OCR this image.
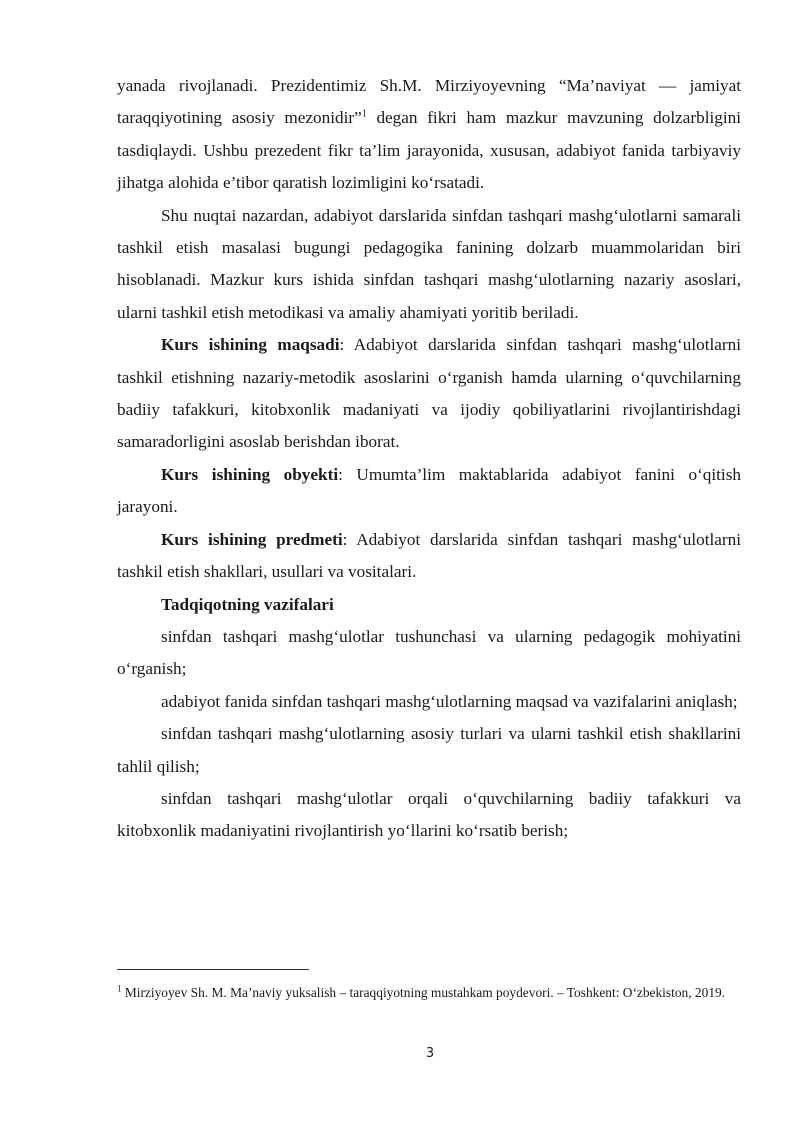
yanada rivojlanadi. Prezidentimiz Sh.M. Mirziyoyevning “Ma’naviyat — jamiyat taraqqiyotining asosiy mezonidir”$^1$ degan fikri ham mazkur mavzuning dolzarbligini tasdiqlaydi. Ushbu prezedent fikr ta’lim jarayonida, xususan, adabiyot fanida tarbiyaviy jihatga alohida e’tibor qaratish lozimligini ko‘rsatadi.

Shu nuqtai nazardan, adabiyot darslarida sinfdan tashqari mashg‘ulotlarni samarali tashkil etish masalasi bugungi pedagogika fanining dolzarb muammolaridan biri hisoblanadi. Mazkur kurs ishida sinfdan tashqari mashg‘ulotlarning nazariy asoslari, ularni tashkil etish metodikasi va amaliy ahamiyati yoritib beriladi.

Kurs ishining maqsadi: Adabiyot darslarida sinfdan tashqari mashg‘ulotlarni tashkil etishning nazariy-metodik asoslarini o‘rganish hamda ularning o‘quvchilarning badiiy tafakkuri, kitobxonlik madaniyati va ijodiy qobiliyatlarini rivojlantirishdagi samaradorligini asoslab berishdan iborat.

Kurs ishining obyekti: Umumta’lim maktablarida adabiyot fanini o‘qitish jarayoni.

Kurs ishining predmeti: Adabiyot darslarida sinfdan tashqari mashg‘ulotlarni tashkil etish shakllari, usullari va vositalari.

Tadqiqotning vazifalari

sinfdan tashqari mashg‘ulotlar tushunchasi va ularning pedagogik mohiyatini o‘rganish;

adabiyot fanida sinfdan tashqari mashg‘ulotlarning maqsad va vazifalarini aniqlash;

sinfdan tashqari mashg‘ulotlarning asosiy turlari va ularni tashkil etish shakllarini tahlil qilish;

sinfdan tashqari mashg‘ulotlar orqali o‘quvchilarning badiiy tafakkuri va kitobxonlik madaniyatini rivojlantirish yo‘llarini ko‘rsatib berish;

$^1$ Mirziyoyev Sh. M. Ma’naviy yuksalish – taraqqiyotning mustahkam poydevori. – Toshkent: O‘zbekiston, 2019.
3
